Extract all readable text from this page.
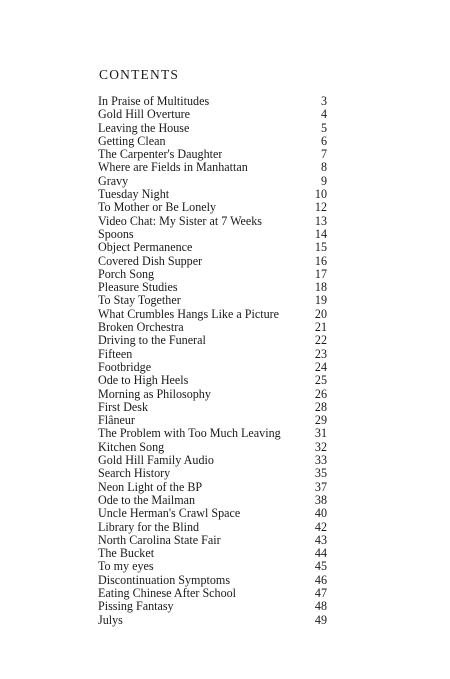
CONTENTS
In Praise of Multitudes	3
Gold Hill Overture	4
Leaving the House	5
Getting Clean	6
The Carpenter's Daughter	7
Where are Fields in Manhattan	8
Gravy	9
Tuesday Night	10
To Mother or Be Lonely	12
Video Chat: My Sister at 7 Weeks	13
Spoons	14
Object Permanence	15
Covered Dish Supper	16
Porch Song	17
Pleasure Studies	18
To Stay Together	19
What Crumbles Hangs Like a Picture	20
Broken Orchestra	21
Driving to the Funeral	22
Fifteen	23
Footbridge	24
Ode to High Heels	25
Morning as Philosophy	26
First Desk	28
Flâneur	29
The Problem with Too Much Leaving	31
Kitchen Song	32
Gold Hill Family Audio	33
Search History	35
Neon Light of the BP	37
Ode to the Mailman	38
Uncle Herman's Crawl Space	40
Library for the Blind	42
North Carolina State Fair	43
The Bucket	44
To my eyes	45
Discontinuation Symptoms	46
Eating Chinese After School	47
Pissing Fantasy	48
Julys	49
